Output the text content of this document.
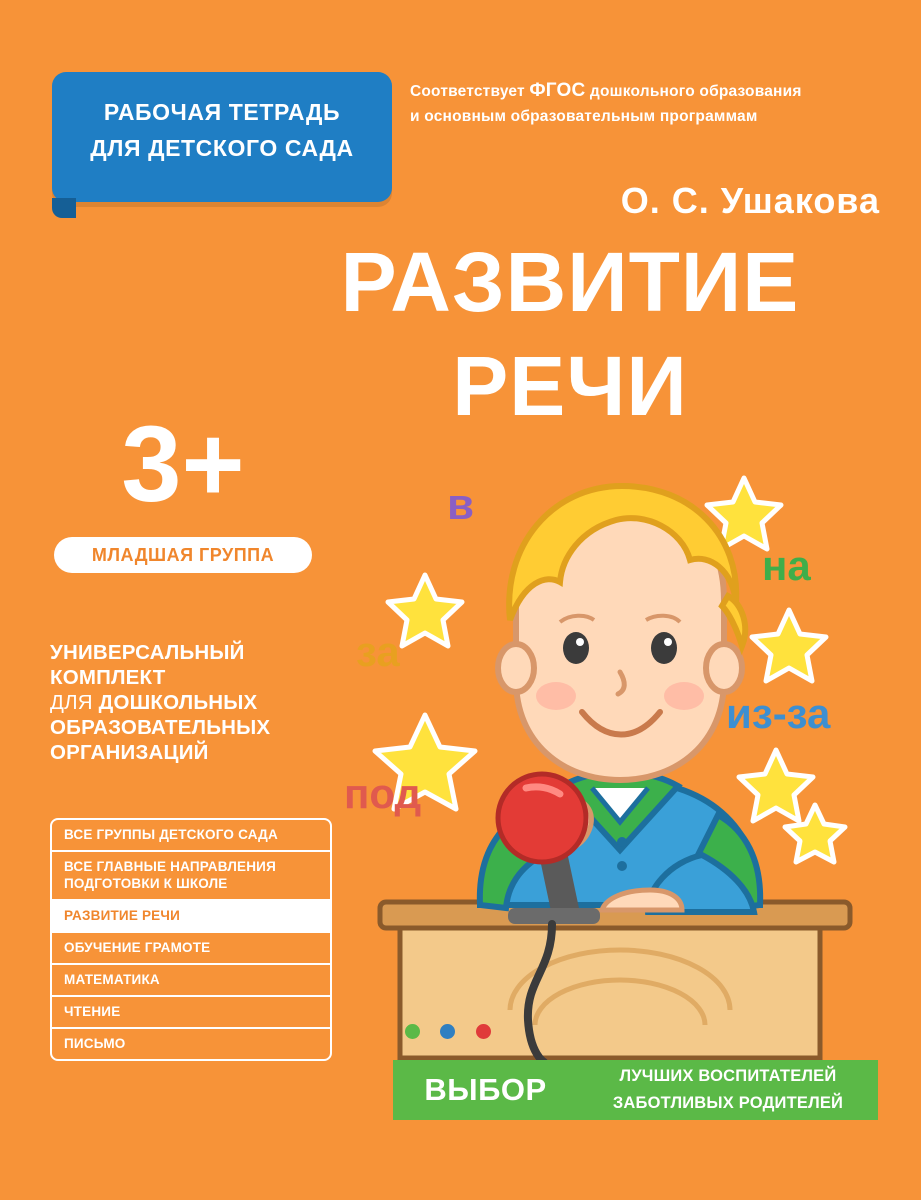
РАБОЧАЯ ТЕТРАДЬ
ДЛЯ ДЕТСКОГО САДА
Соответствует ФГОС дошкольного образования
и основным образовательным программам
О. С. Ушакова
РАЗВИТИЕ
РЕЧИ
3+
МЛАДШАЯ ГРУППА
УНИВЕРСАЛЬНЫЙ
КОМПЛЕКТ
ДЛЯ ДОШКОЛЬНЫХ
ОБРАЗОВАТЕЛЬНЫХ
ОРГАНИЗАЦИЙ
ВСЕ ГРУППЫ ДЕТСКОГО САДА
ВСЕ ГЛАВНЫЕ НАПРАВЛЕНИЯ ПОДГОТОВКИ К ШКОЛЕ
РАЗВИТИЕ РЕЧИ
ОБУЧЕНИЕ ГРАМОТЕ
МАТЕМАТИКА
ЧТЕНИЕ
ПИСЬМО
в
за
под
на
из-за

ВЫБОР	ЛУЧШИХ ВОСПИТАТЕЛЕЙ
ЗАБОТЛИВЫХ РОДИТЕЛЕЙ
